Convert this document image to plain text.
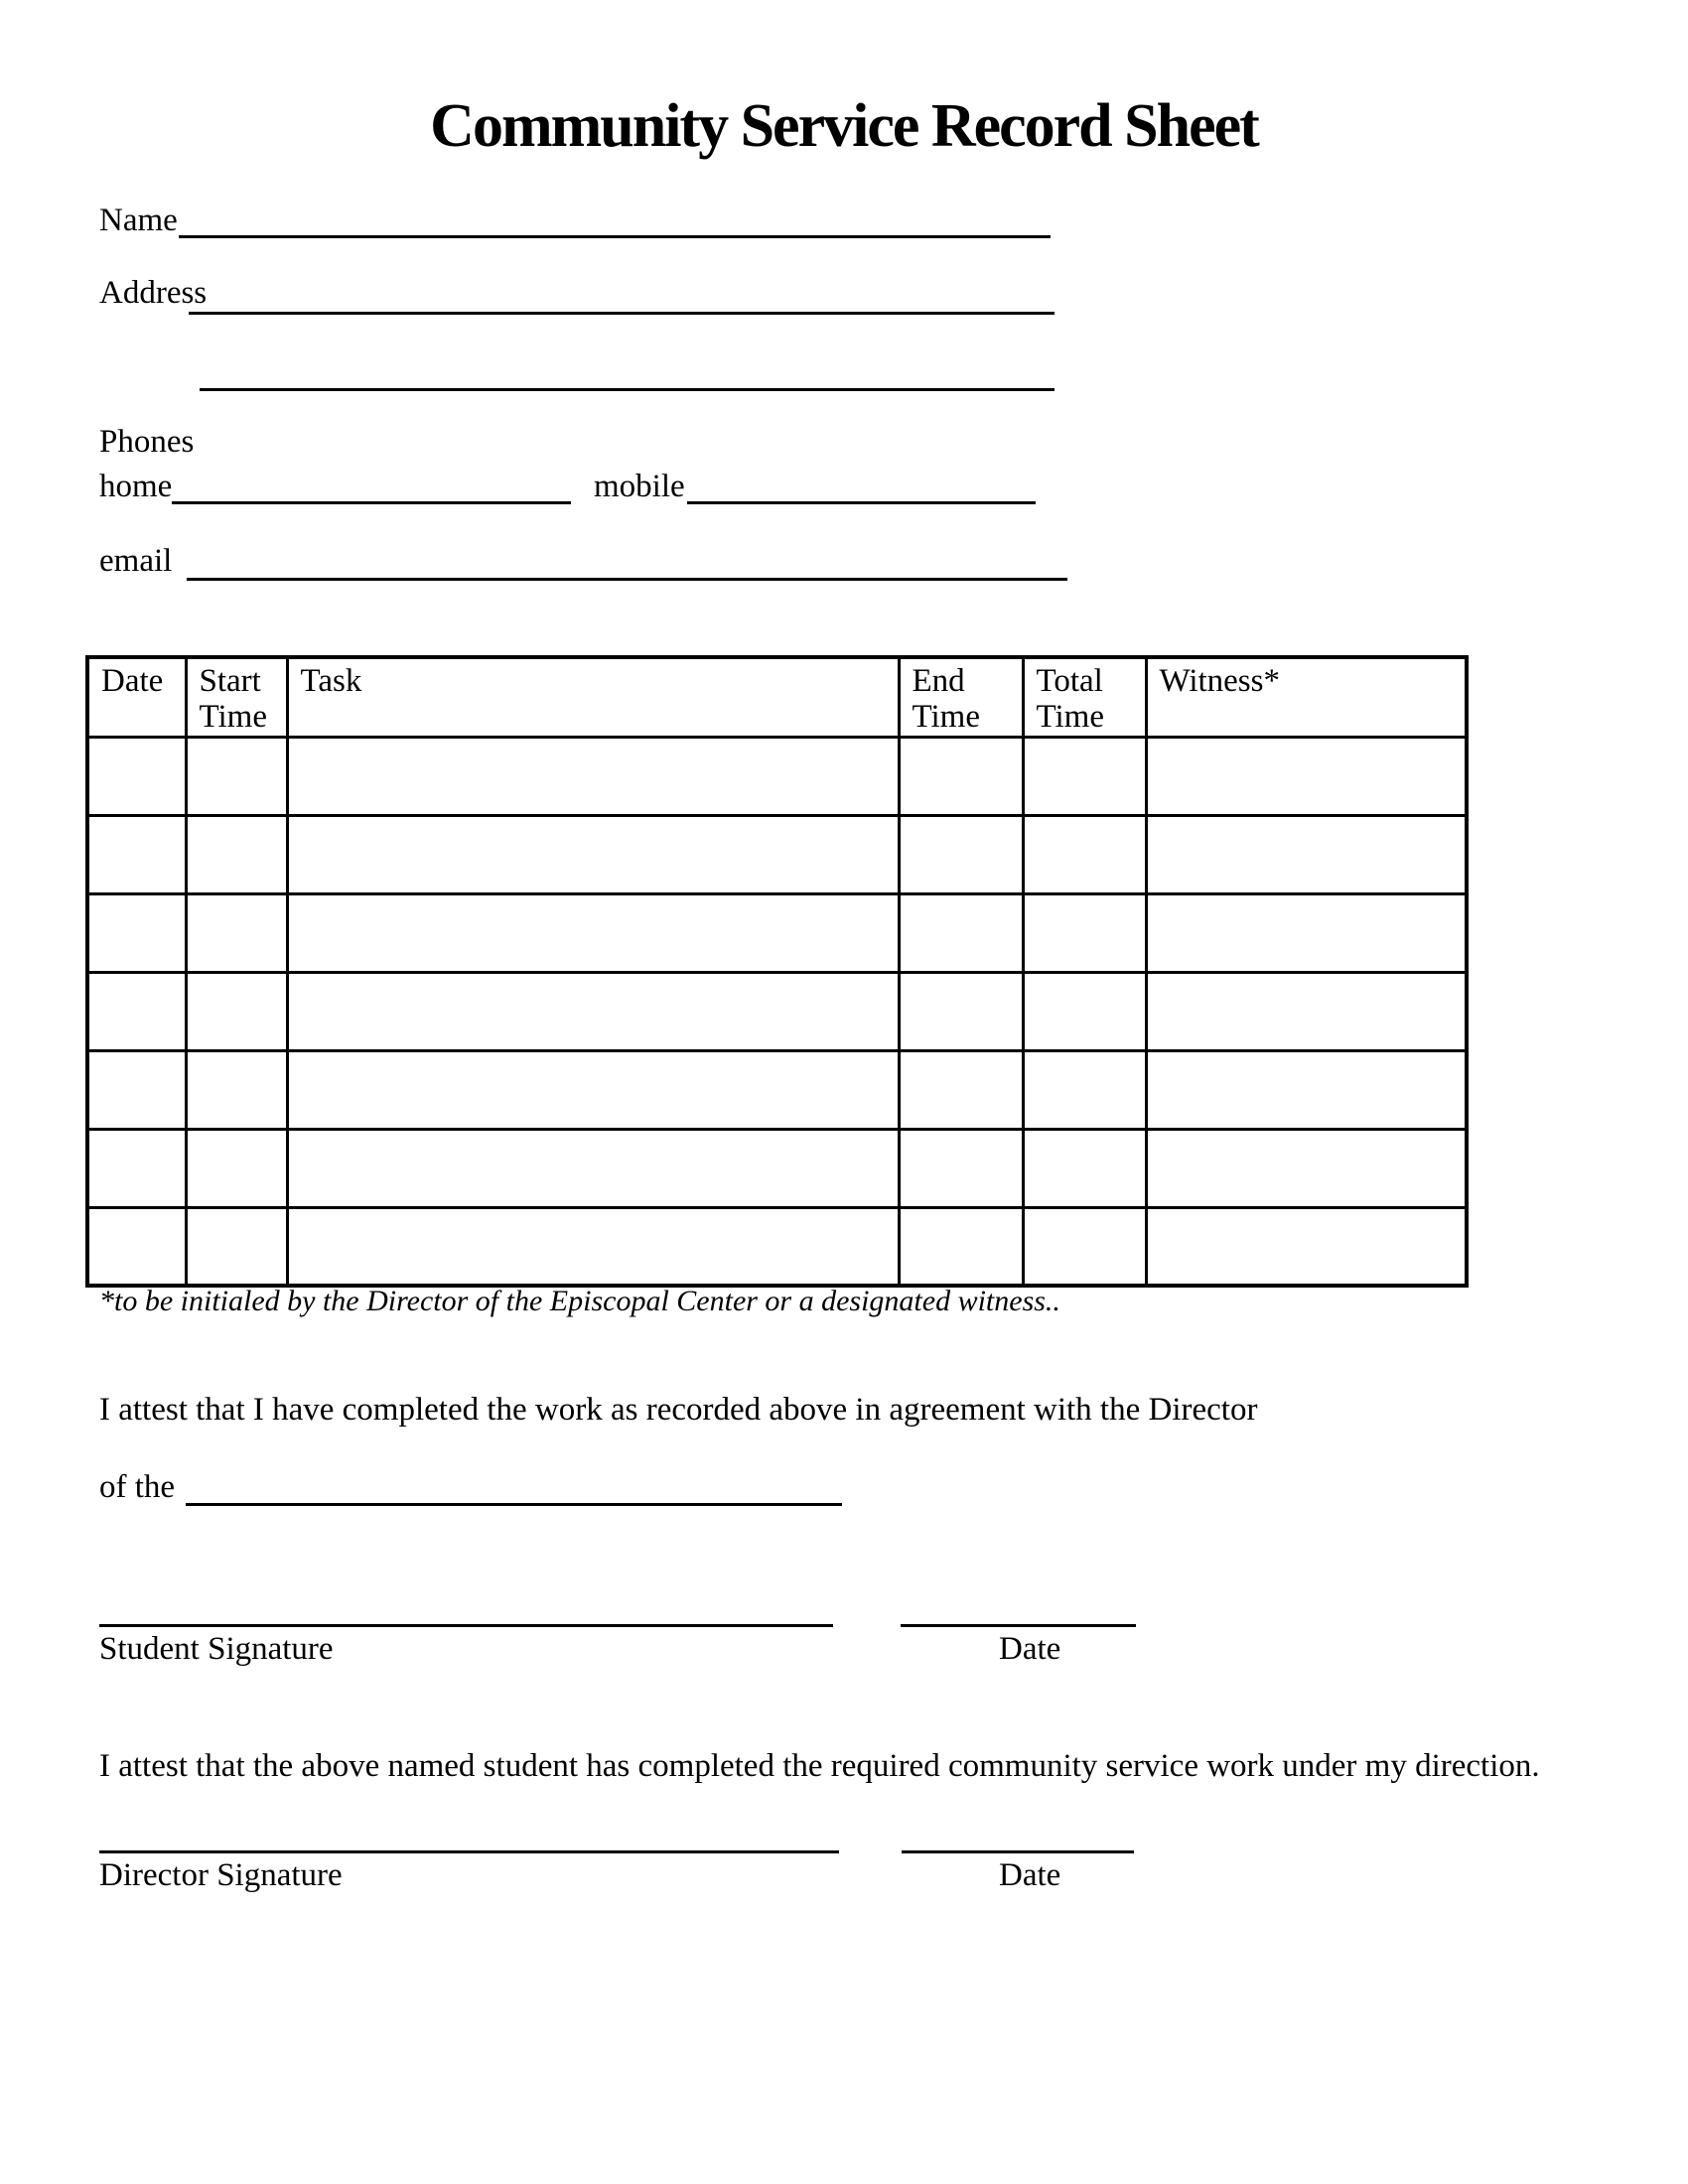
Community Service Record Sheet
Name
Address
Phones
home	mobile
email
Date	Start Time	Task	End Time	Total Time	Witness*

*to be initialed by the Director of the Episcopal Center or a designated witness..
I attest that I have completed the work as recorded above in agreement with the Director
of the
Student Signature	Date
I attest that the above named student has completed the required community service work under my direction.
Director Signature	Date
